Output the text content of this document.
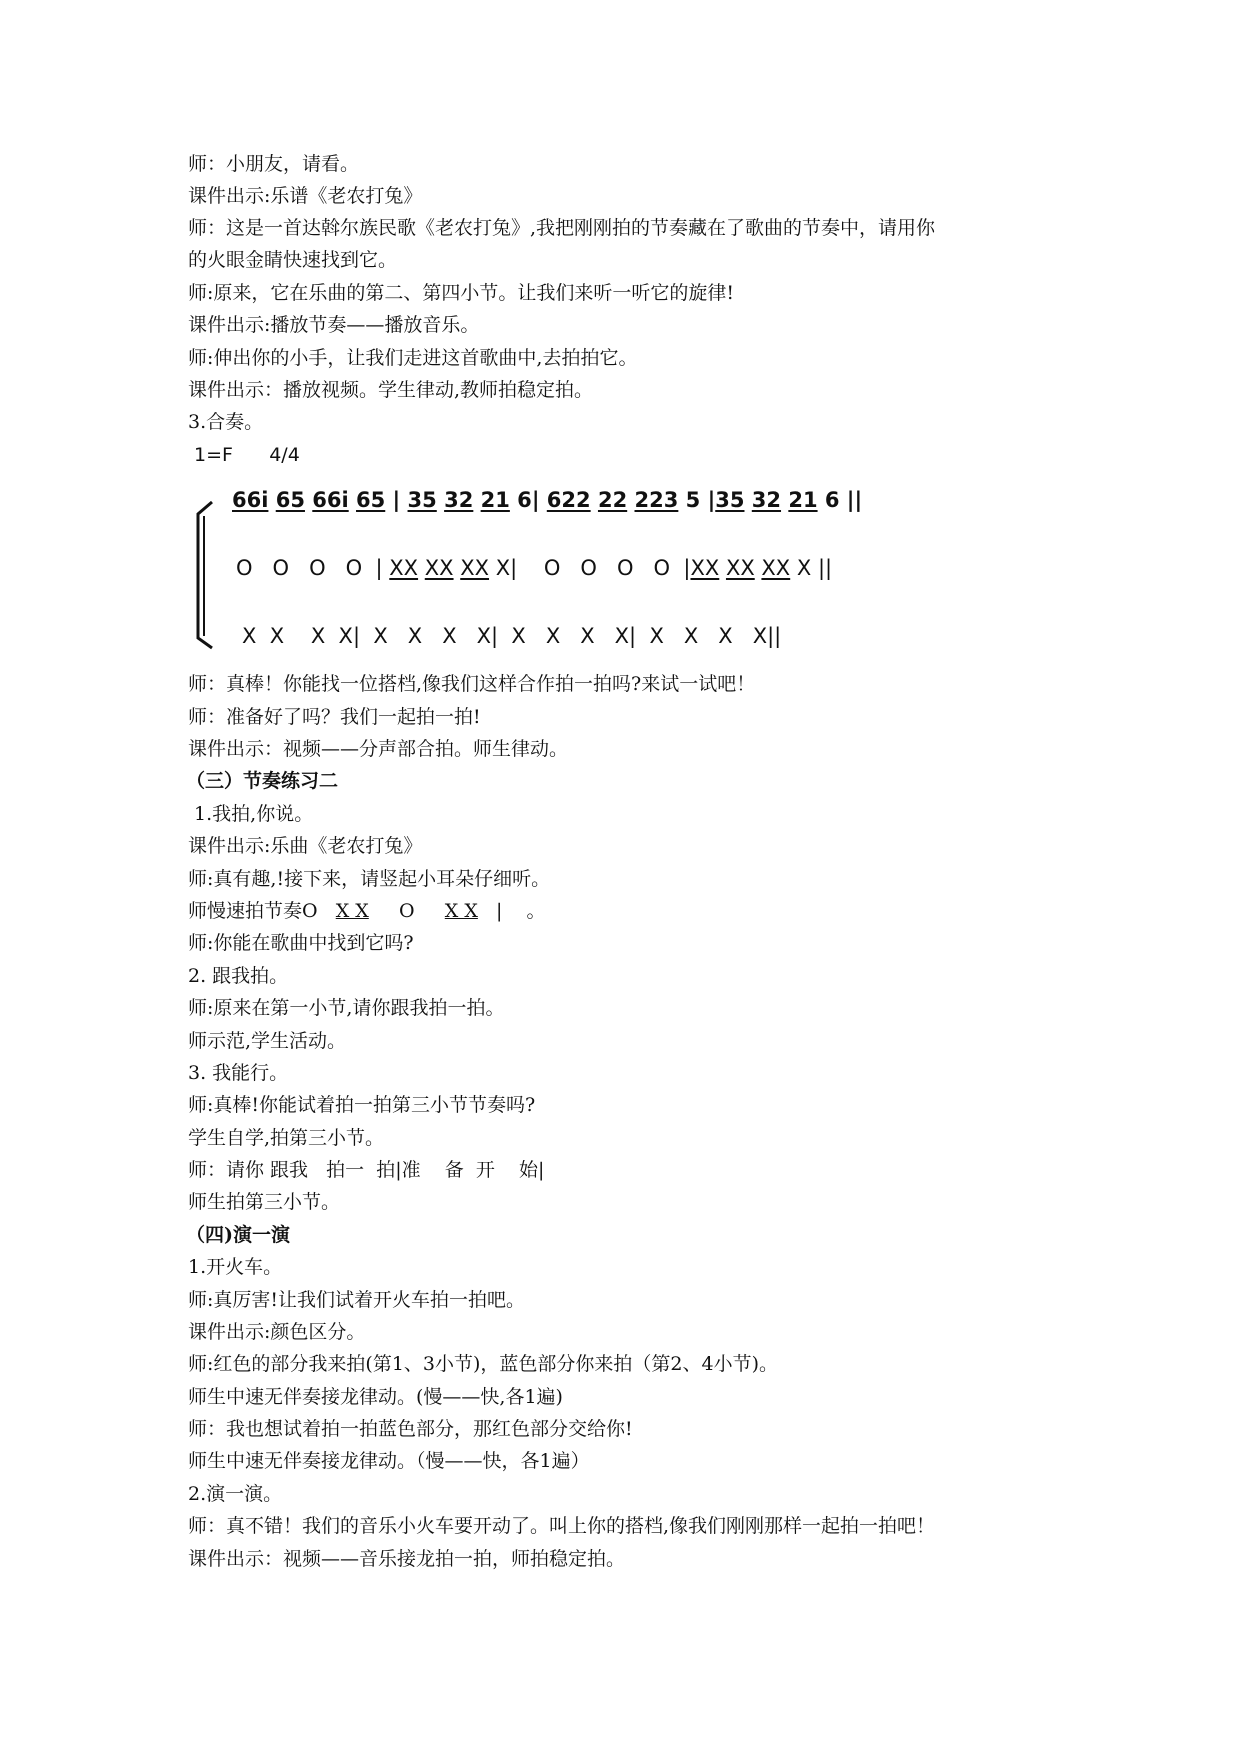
师：小朋友，请看。
课件出示:乐谱《老农打兔》
师：这是一首达斡尔族民歌《老农打兔》,我把刚刚拍的节奏藏在了歌曲的节奏中，请用你
的火眼金睛快速找到它。
师:原来，它在乐曲的第二、第四小节。让我们来听一听它的旋律!
课件出示:播放节奏——播放音乐。
师:伸出你的小手，让我们走进这首歌曲中,去拍拍它。
课件出示：播放视频。学生律动,教师拍稳定拍。
3.合奏。
1=F      4/4
66i 65 66i 65 | 35 32 21 6| 622 22 223 5 |35 32 21 6 ||
O   O   O   O  | XX XX XX X|    O   O   O   O  |XX XX XX X ||
X  X    X  X|  X   X   X   X|  X   X   X   X|  X   X   X   X||
师：真棒！你能找一位搭档,像我们这样合作拍一拍吗?来试一试吧！
师：准备好了吗？我们一起拍一拍!
课件出示：视频——分声部合拍。师生律动。
（三）节奏练习二
1.我拍,你说。
课件出示:乐曲《老农打兔》
师:真有趣,!接下来，请竖起小耳朵仔细听。
师慢速拍节奏O   X X     O     X X   |    。
师:你能在歌曲中找到它吗?
2. 跟我拍。
师:原来在第一小节,请你跟我拍一拍。
师示范,学生活动。
3. 我能行。
师:真棒!你能试着拍一拍第三小节节奏吗?
学生自学,拍第三小节。
师：请你 跟我   拍一  拍|准    备  开    始|
师生拍第三小节。
（四)演一演
1.开火车。
师:真厉害!让我们试着开火车拍一拍吧。
课件出示:颜色区分。
师:红色的部分我来拍(第1、3小节)，蓝色部分你来拍（第2、4小节)。
师生中速无伴奏接龙律动。(慢——快,各1遍)
师：我也想试着拍一拍蓝色部分，那红色部分交给你!
师生中速无伴奏接龙律动。（慢——快，各1遍）
2.演一演。
师：真不错！我们的音乐小火车要开动了。叫上你的搭档,像我们刚刚那样一起拍一拍吧！
课件出示：视频——音乐接龙拍一拍，师拍稳定拍。
